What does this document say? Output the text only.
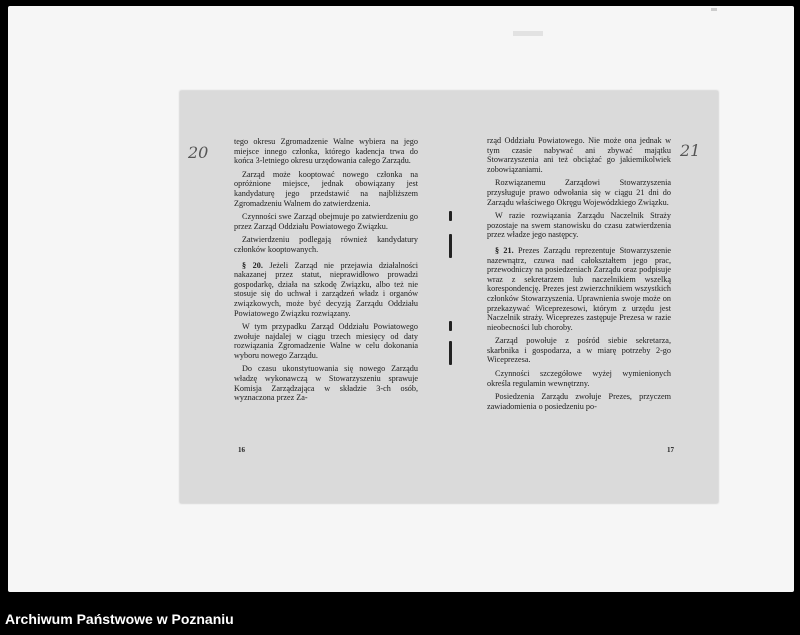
20	21

tego okresu Zgromadzenie Walne wybiera na jego miejsce innego członka, którego kadencja trwa do końca 3-letniego okresu urzędowania całego Zarządu.

Zarząd może kooptować nowego członka na opróżnione miejsce, jednak obowiązany jest kandydaturę jego przedstawić na najbliższem Zgromadzeniu Walnem do zatwierdzenia.

Czynności swe Zarząd obejmuje po zatwierdzeniu go przez Zarząd Oddziału Powiatowego Związku.

Zatwierdzeniu podlegają również kandydatury członków kooptowanych.

§ 20. Jeżeli Zarząd nie przejawia działalności nakazanej przez statut, nieprawidłowo prowadzi gospodarkę, działa na szkodę Związku, albo też nie stosuje się do uchwał i zarządzeń władz i organów związkowych, może być decyzją Zarządu Oddziału Powiatowego Związku rozwiązany.

W tym przypadku Zarząd Oddziału Powiatowego zwołuje najdalej w ciągu trzech miesięcy od daty rozwiązania Zgromadzenie Walne w celu dokonania wyboru nowego Zarządu.

Do czasu ukonstytuowania się nowego Zarządu władzę wykonawczą w Stowarzyszeniu sprawuje Komisja Zarządzająca w składzie 3-ch osób, wyznaczona przez Za-

16

rząd Oddziału Powiatowego. Nie może ona jednak w tym czasie nabywać ani zbywać majątku Stowarzyszenia ani też obciążać go jakiemikolwiek zobowiązaniami.

Rozwiązanemu Zarządowi Stowarzyszenia przysługuje prawo odwołania się w ciągu 21 dni do Zarządu właściwego Okręgu Wojewódzkiego Związku.

W razie rozwiązania Zarządu Naczelnik Straży pozostaje na swem stanowisku do czasu zatwierdzenia przez władze jego następcy.

§ 21. Prezes Zarządu reprezentuje Stowarzyszenie nazewnątrz, czuwa nad całokształtem jego prac, przewodniczy na posiedzeniach Zarządu oraz podpisuje wraz z sekretarzem lub naczelnikiem wszelką korespondencję. Prezes jest zwierzchnikiem wszystkich członków Stowarzyszenia. Uprawnienia swoje może on przekazywać Wiceprezesowi, którym z urzędu jest Naczelnik straży. Wiceprezes zastępuje Prezesa w razie nieobecności lub choroby.

Zarząd powołuje z pośród siebie sekretarza, skarbnika i gospodarza, a w miarę potrzeby 2-go Wiceprezesa.

Czynności szczegółowe wyżej wymienionych określa regulamin wewnętrzny.

Posiedzenia Zarządu zwołuje Prezes, przyczem zawiadomienia o posiedzeniu po-

17
Archiwum Państwowe w Poznaniu
